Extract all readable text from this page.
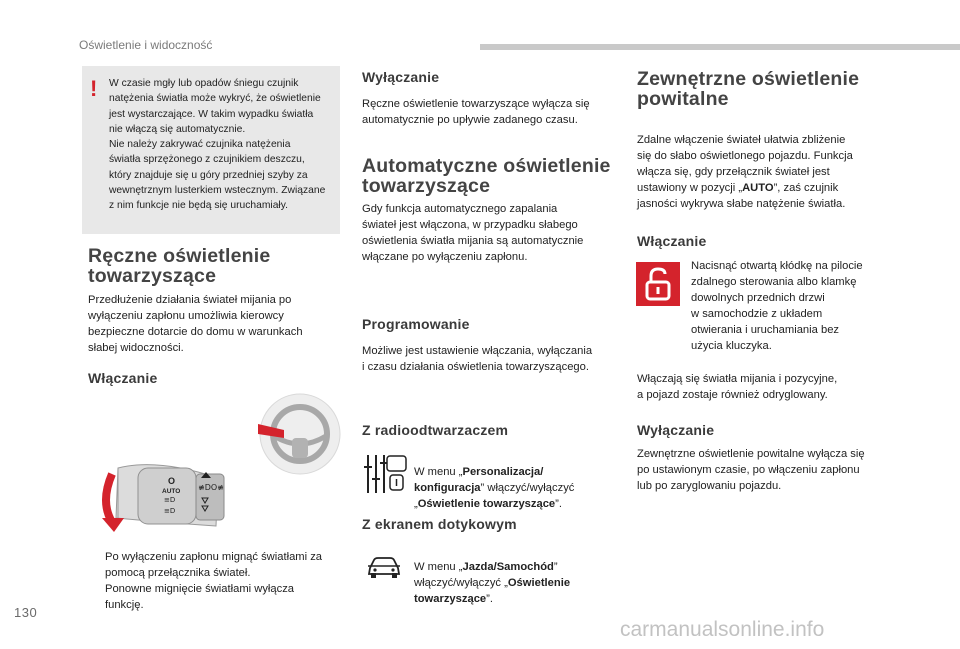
Oświetlenie i widoczność
! W czasie mgły lub opadów śniegu czujnik
natężenia światła może wykryć, że oświetlenie
jest wystarczające. W takim wypadku światła
nie włączą się automatycznie.
Nie należy zakrywać czujnika natężenia
światła sprzężonego z czujnikiem deszczu,
który znajduje się u góry przedniej szyby za
wewnętrznym lusterkiem wstecznym. Związane
z nim funkcje nie będą się uruchamiały.
Ręczne oświetlenie
towarzyszące
Przedłużenie działania świateł mijania po
wyłączeniu zapłonu umożliwia kierowcy
bezpieczne dotarcie do domu w warunkach
słabej widoczności.
Włączanie
O
AUTO
≡D
≡D
≢DO≢
Po wyłączeniu zapłonu mignąć światłami za
pomocą przełącznika świateł.
Ponowne mignięcie światłami wyłącza
funkcję.
Wyłączanie
Ręczne oświetlenie towarzyszące wyłącza się
automatycznie po upływie zadanego czasu.
Automatyczne oświetlenie
towarzyszące
Gdy funkcja automatycznego zapalania
świateł jest włączona, w przypadku słabego
oświetlenia światła mijania są automatycznie
włączane po wyłączeniu zapłonu.
Programowanie
Możliwe jest ustawienie włączania, wyłączania
i czasu działania oświetlenia towarzyszącego.
Z radioodtwarzaczem

W menu „Personalizacja/
konfiguracja” włączyć/wyłączyć
„Oświetlenie towarzyszące”.

Z ekranem dotykowym

W menu „Jazda/Samochód”
włączyć/wyłączyć „Oświetlenie
towarzyszące”.

Zewnętrzne oświetlenie
powitalne

Zdalne włączenie świateł ułatwia zbliżenie
się do słabo oświetlonego pojazdu. Funkcja
włącza się, gdy przełącznik świateł jest
ustawiony w pozycji „AUTO”, zaś czujnik
jasności wykrywa słabe natężenie światła.

Włączanie
Nacisnąć otwartą kłódkę na pilocie
zdalnego sterowania albo klamkę
dowolnych przednich drzwi
w samochodzie z układem
otwierania i uruchamiania bez
użycia kluczyka.
Włączają się światła mijania i pozycyjne,
a pojazd zostaje również odryglowany.
Wyłączanie
Zewnętrzne oświetlenie powitalne wyłącza się
po ustawionym czasie, po włączeniu zapłonu
lub po zaryglowaniu pojazdu.
130
carmanualsonline.info
